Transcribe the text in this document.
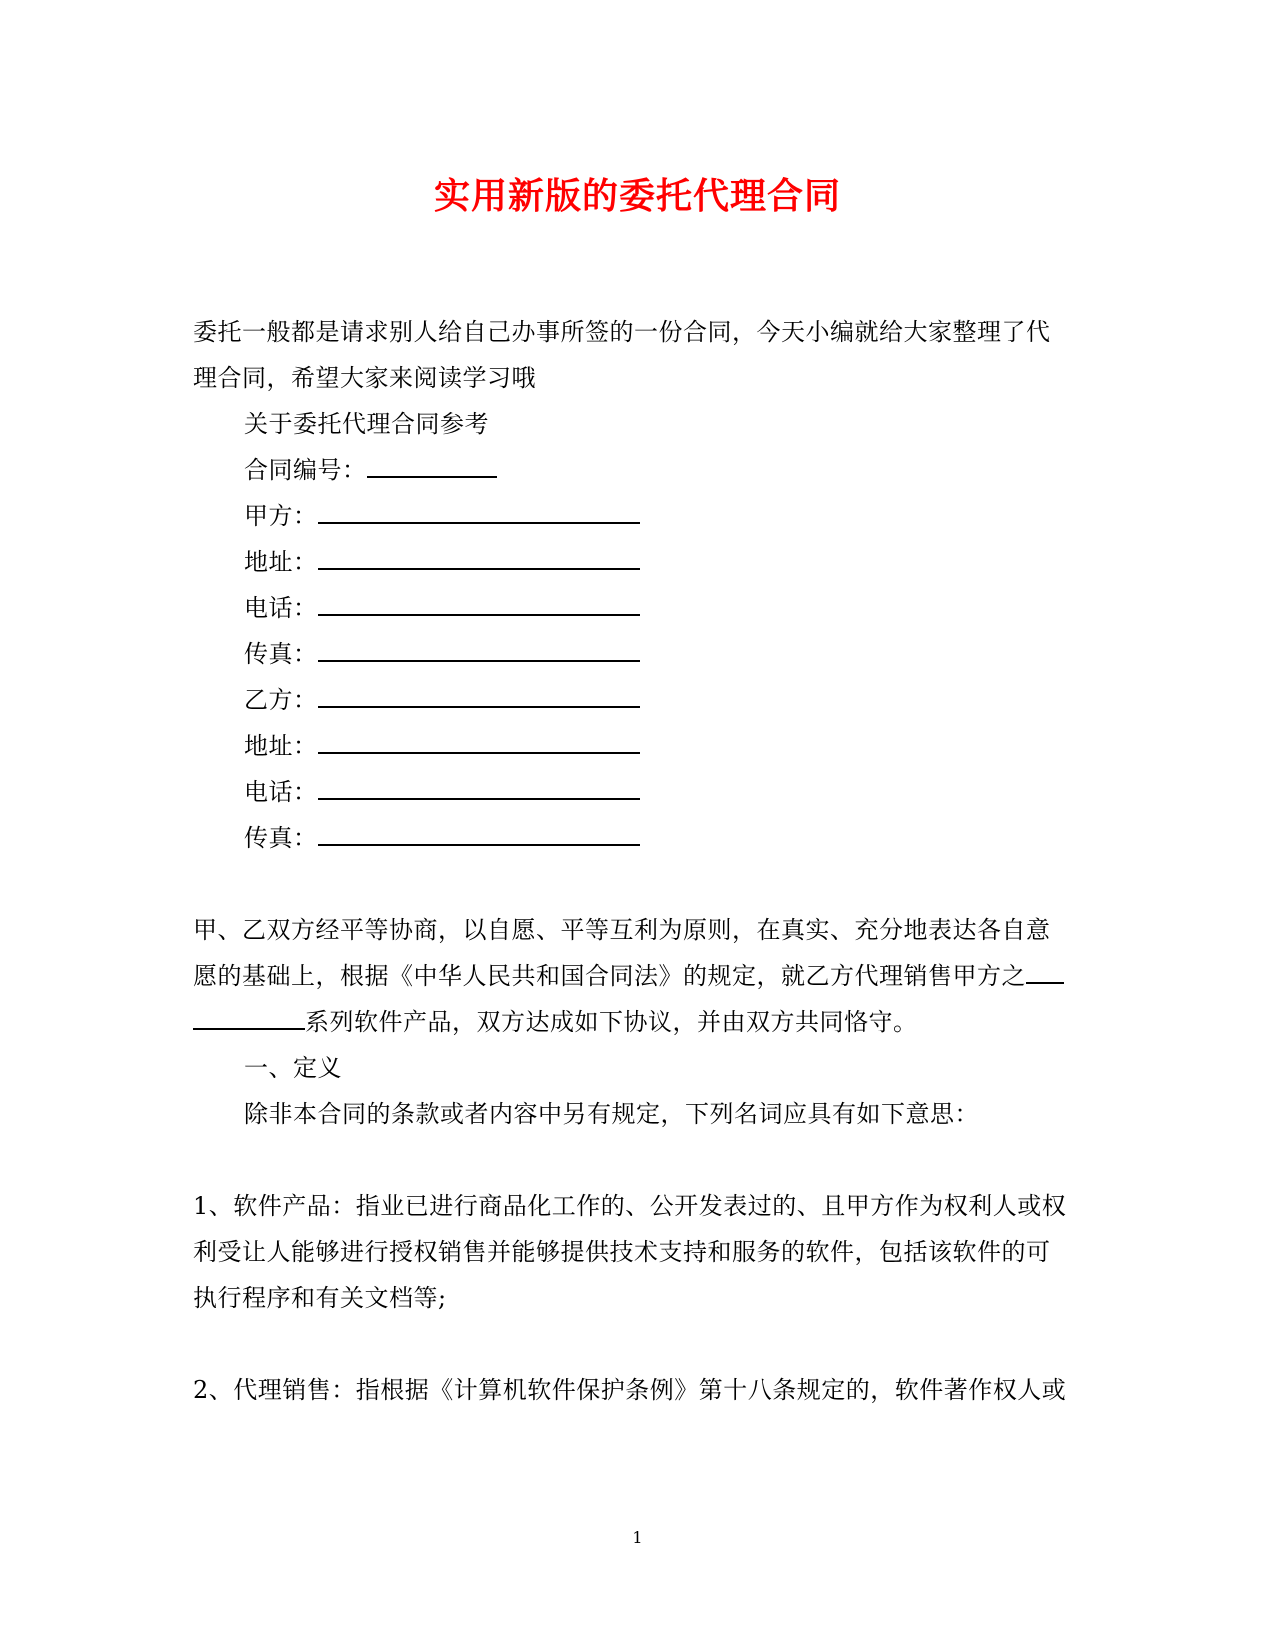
实用新版的委托代理合同
委托一般都是请求别人给自己办事所签的一份合同，今天小编就给大家整理了代
理合同，希望大家来阅读学习哦
关于委托代理合同参考
合同编号：
甲方：
地址：
电话：
传真：
乙方：
地址：
电话：
传真：
甲、乙双方经平等协商，以自愿、平等互利为原则，在真实、充分地表达各自意
愿的基础上，根据《中华人民共和国合同法》的规定，就乙方代理销售甲方之
系列软件产品，双方达成如下协议，并由双方共同恪守。
一、定义
除非本合同的条款或者内容中另有规定，下列名词应具有如下意思：
1、软件产品：指业已进行商品化工作的、公开发表过的、且甲方作为权利人或权
利受让人能够进行授权销售并能够提供技术支持和服务的软件，包括该软件的可
执行程序和有关文档等;
2、代理销售：指根据《计算机软件保护条例》第十八条规定的，软件著作权人或
1
